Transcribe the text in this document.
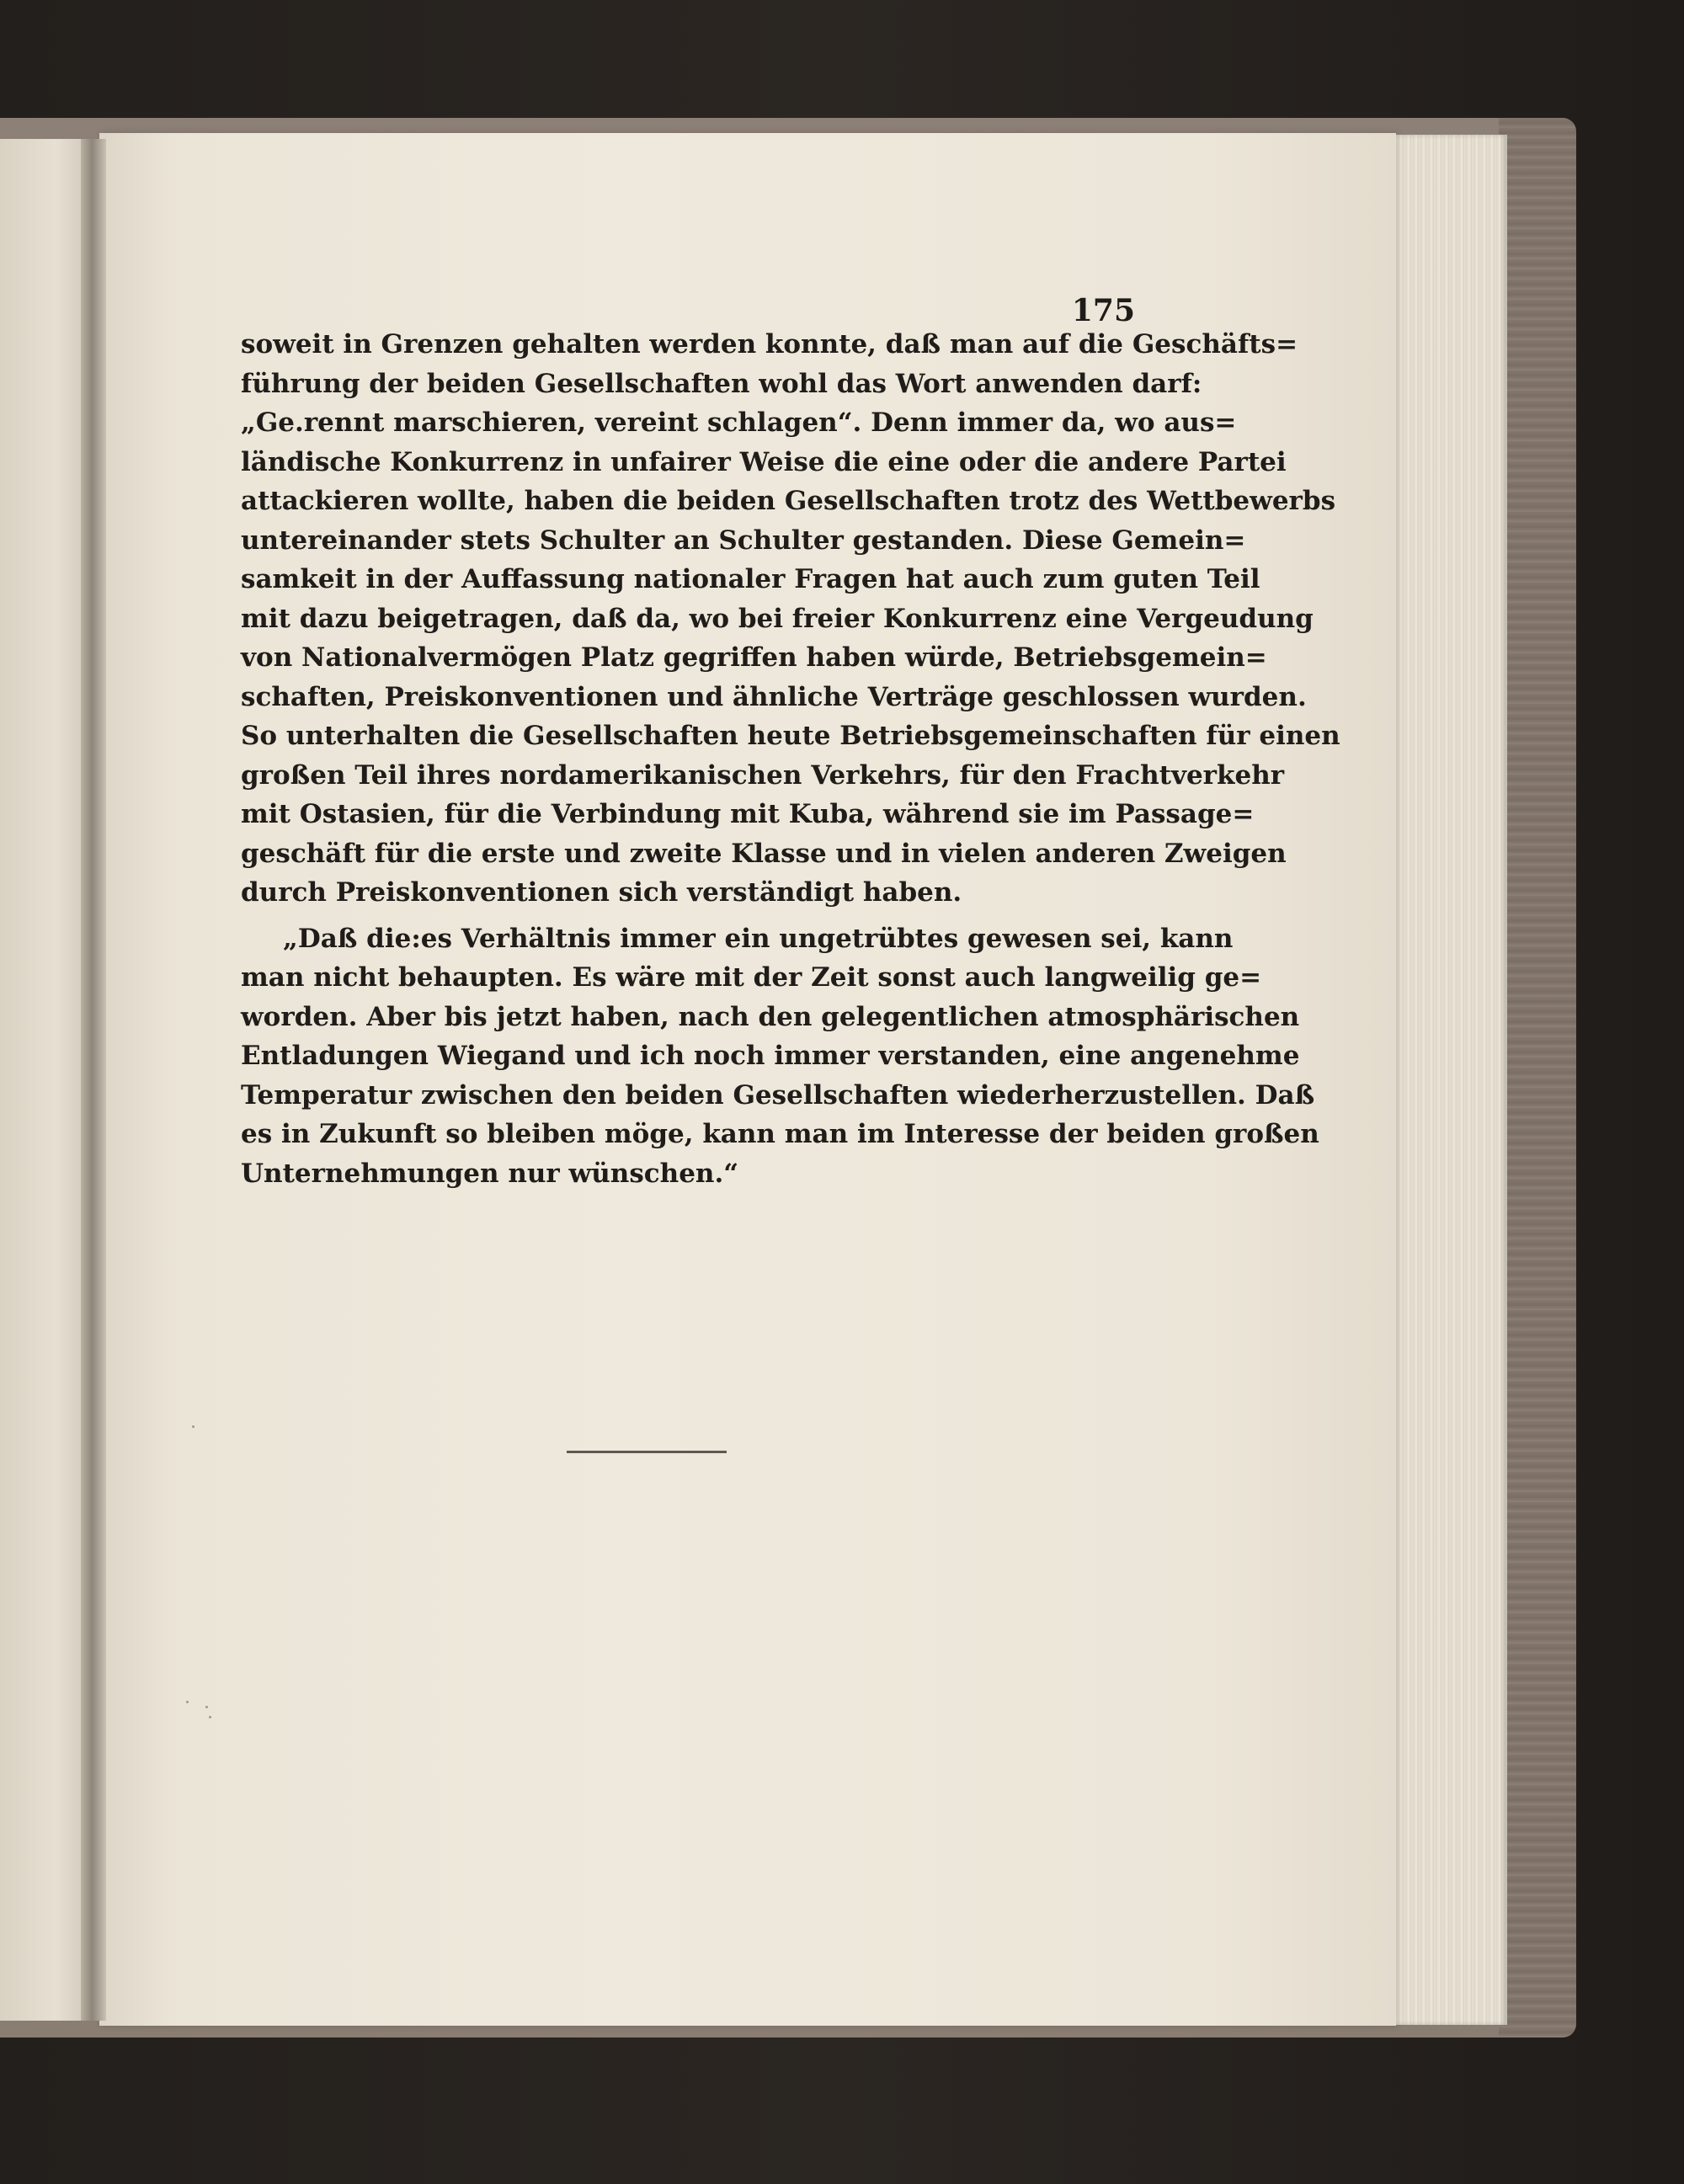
175
soweit in Grenzen gehalten werden konnte, daß man auf die Geschäfts=
führung der beiden Gesellschaften wohl das Wort anwenden darf:
„Ge.rennt marschieren, vereint schlagen“. Denn immer da, wo aus=
ländische Konkurrenz in unfairer Weise die eine oder die andere Partei
attackieren wollte, haben die beiden Gesellschaften trotz des Wettbewerbs
untereinander stets Schulter an Schulter gestanden. Diese Gemein=
samkeit in der Auffassung nationaler Fragen hat auch zum guten Teil
mit dazu beigetragen, daß da, wo bei freier Konkurrenz eine Vergeudung
von Nationalvermögen Platz gegriffen haben würde, Betriebsgemein=
schaften, Preiskonventionen und ähnliche Verträge geschlossen wurden.
So unterhalten die Gesellschaften heute Betriebsgemeinschaften für einen
großen Teil ihres nordamerikanischen Verkehrs, für den Frachtverkehr
mit Ostasien, für die Verbindung mit Kuba, während sie im Passage=
geschäft für die erste und zweite Klasse und in vielen anderen Zweigen
durch Preiskonventionen sich verständigt haben.
„Daß die:es Verhältnis immer ein ungetrübtes gewesen sei, kann
man nicht behaupten. Es wäre mit der Zeit sonst auch langweilig ge=
worden. Aber bis jetzt haben, nach den gelegentlichen atmosphärischen
Entladungen Wiegand und ich noch immer verstanden, eine angenehme
Temperatur zwischen den beiden Gesellschaften wiederherzustellen. Daß
es in Zukunft so bleiben möge, kann man im Interesse der beiden großen
Unternehmungen nur wünschen.“
